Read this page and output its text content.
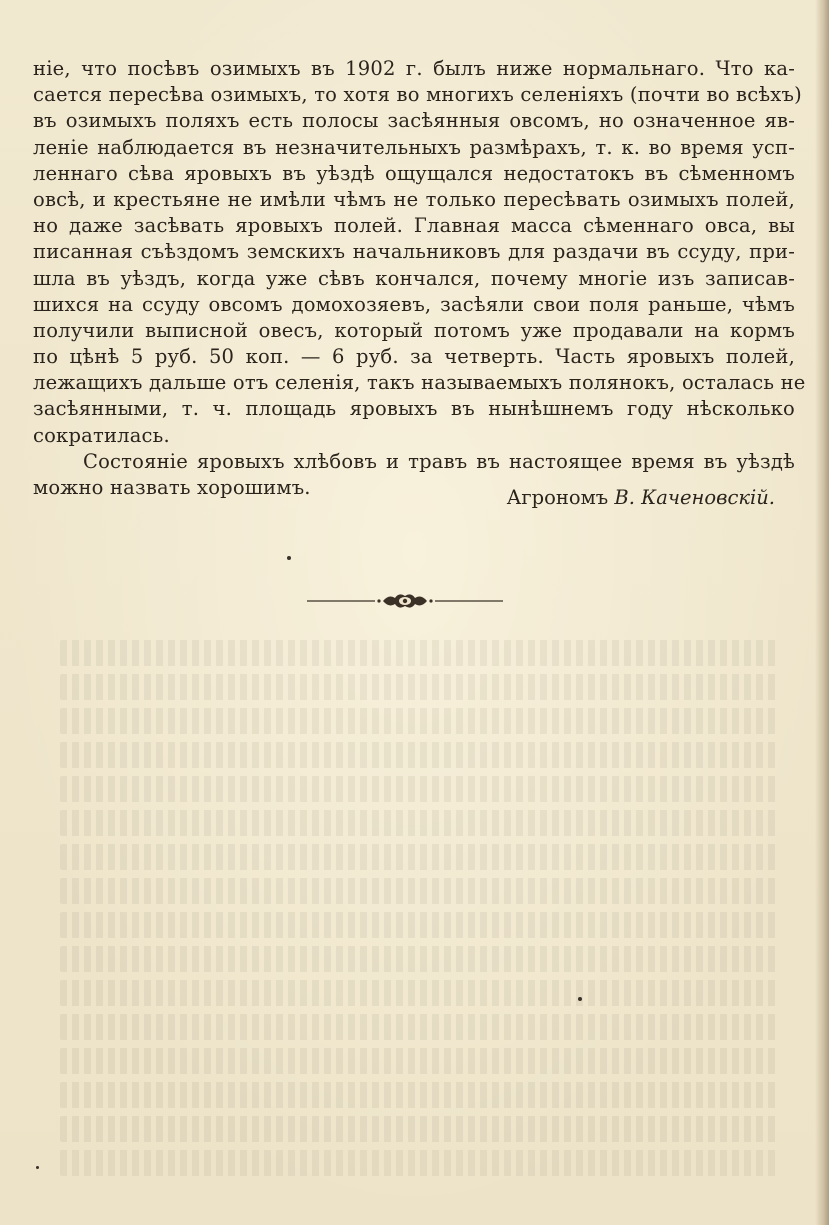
ніе, что посѣвъ озимыхъ въ 1902 г. былъ ниже нормальнаго. Что ка-
сается пересѣва озимыхъ, то хотя во многихъ селеніяхъ (почти во всѣхъ)
въ озимыхъ поляхъ есть полосы засѣянныя овсомъ, но означенное яв-
леніе наблюдается въ незначительныхъ размѣрахъ, т. к. во время усп-
леннаго сѣва яровыхъ въ уѣздѣ ощущался недостатокъ въ сѣменномъ
овсѣ, и крестьяне не имѣли чѣмъ не только пересѣвать озимыхъ полей,
но даже засѣвать яровыхъ полей. Главная масса сѣменнаго овса, вы
писанная съѣздомъ земскихъ начальниковъ для раздачи въ ссуду, при-
шла въ уѣздъ, когда уже сѣвъ кончался, почему многіе изъ записав-
шихся на ссуду овсомъ домохозяевъ, засѣяли свои поля раньше, чѣмъ
получили выписной овесъ, который потомъ уже продавали на кормъ
по цѣнѣ 5 руб. 50 коп. — 6 руб. за четверть. Часть яровыхъ полей,
лежащихъ дальше отъ селенія, такъ называемыхъ полянокъ, осталась не
засѣянными, т. ч. площадь яровыхъ въ нынѣшнемъ году нѣсколько
сократилась.
Состояніе яровыхъ хлѣбовъ и травъ въ настоящее время въ уѣздѣ
можно назвать хорошимъ.	Агрономъ В. Каченовскій.
